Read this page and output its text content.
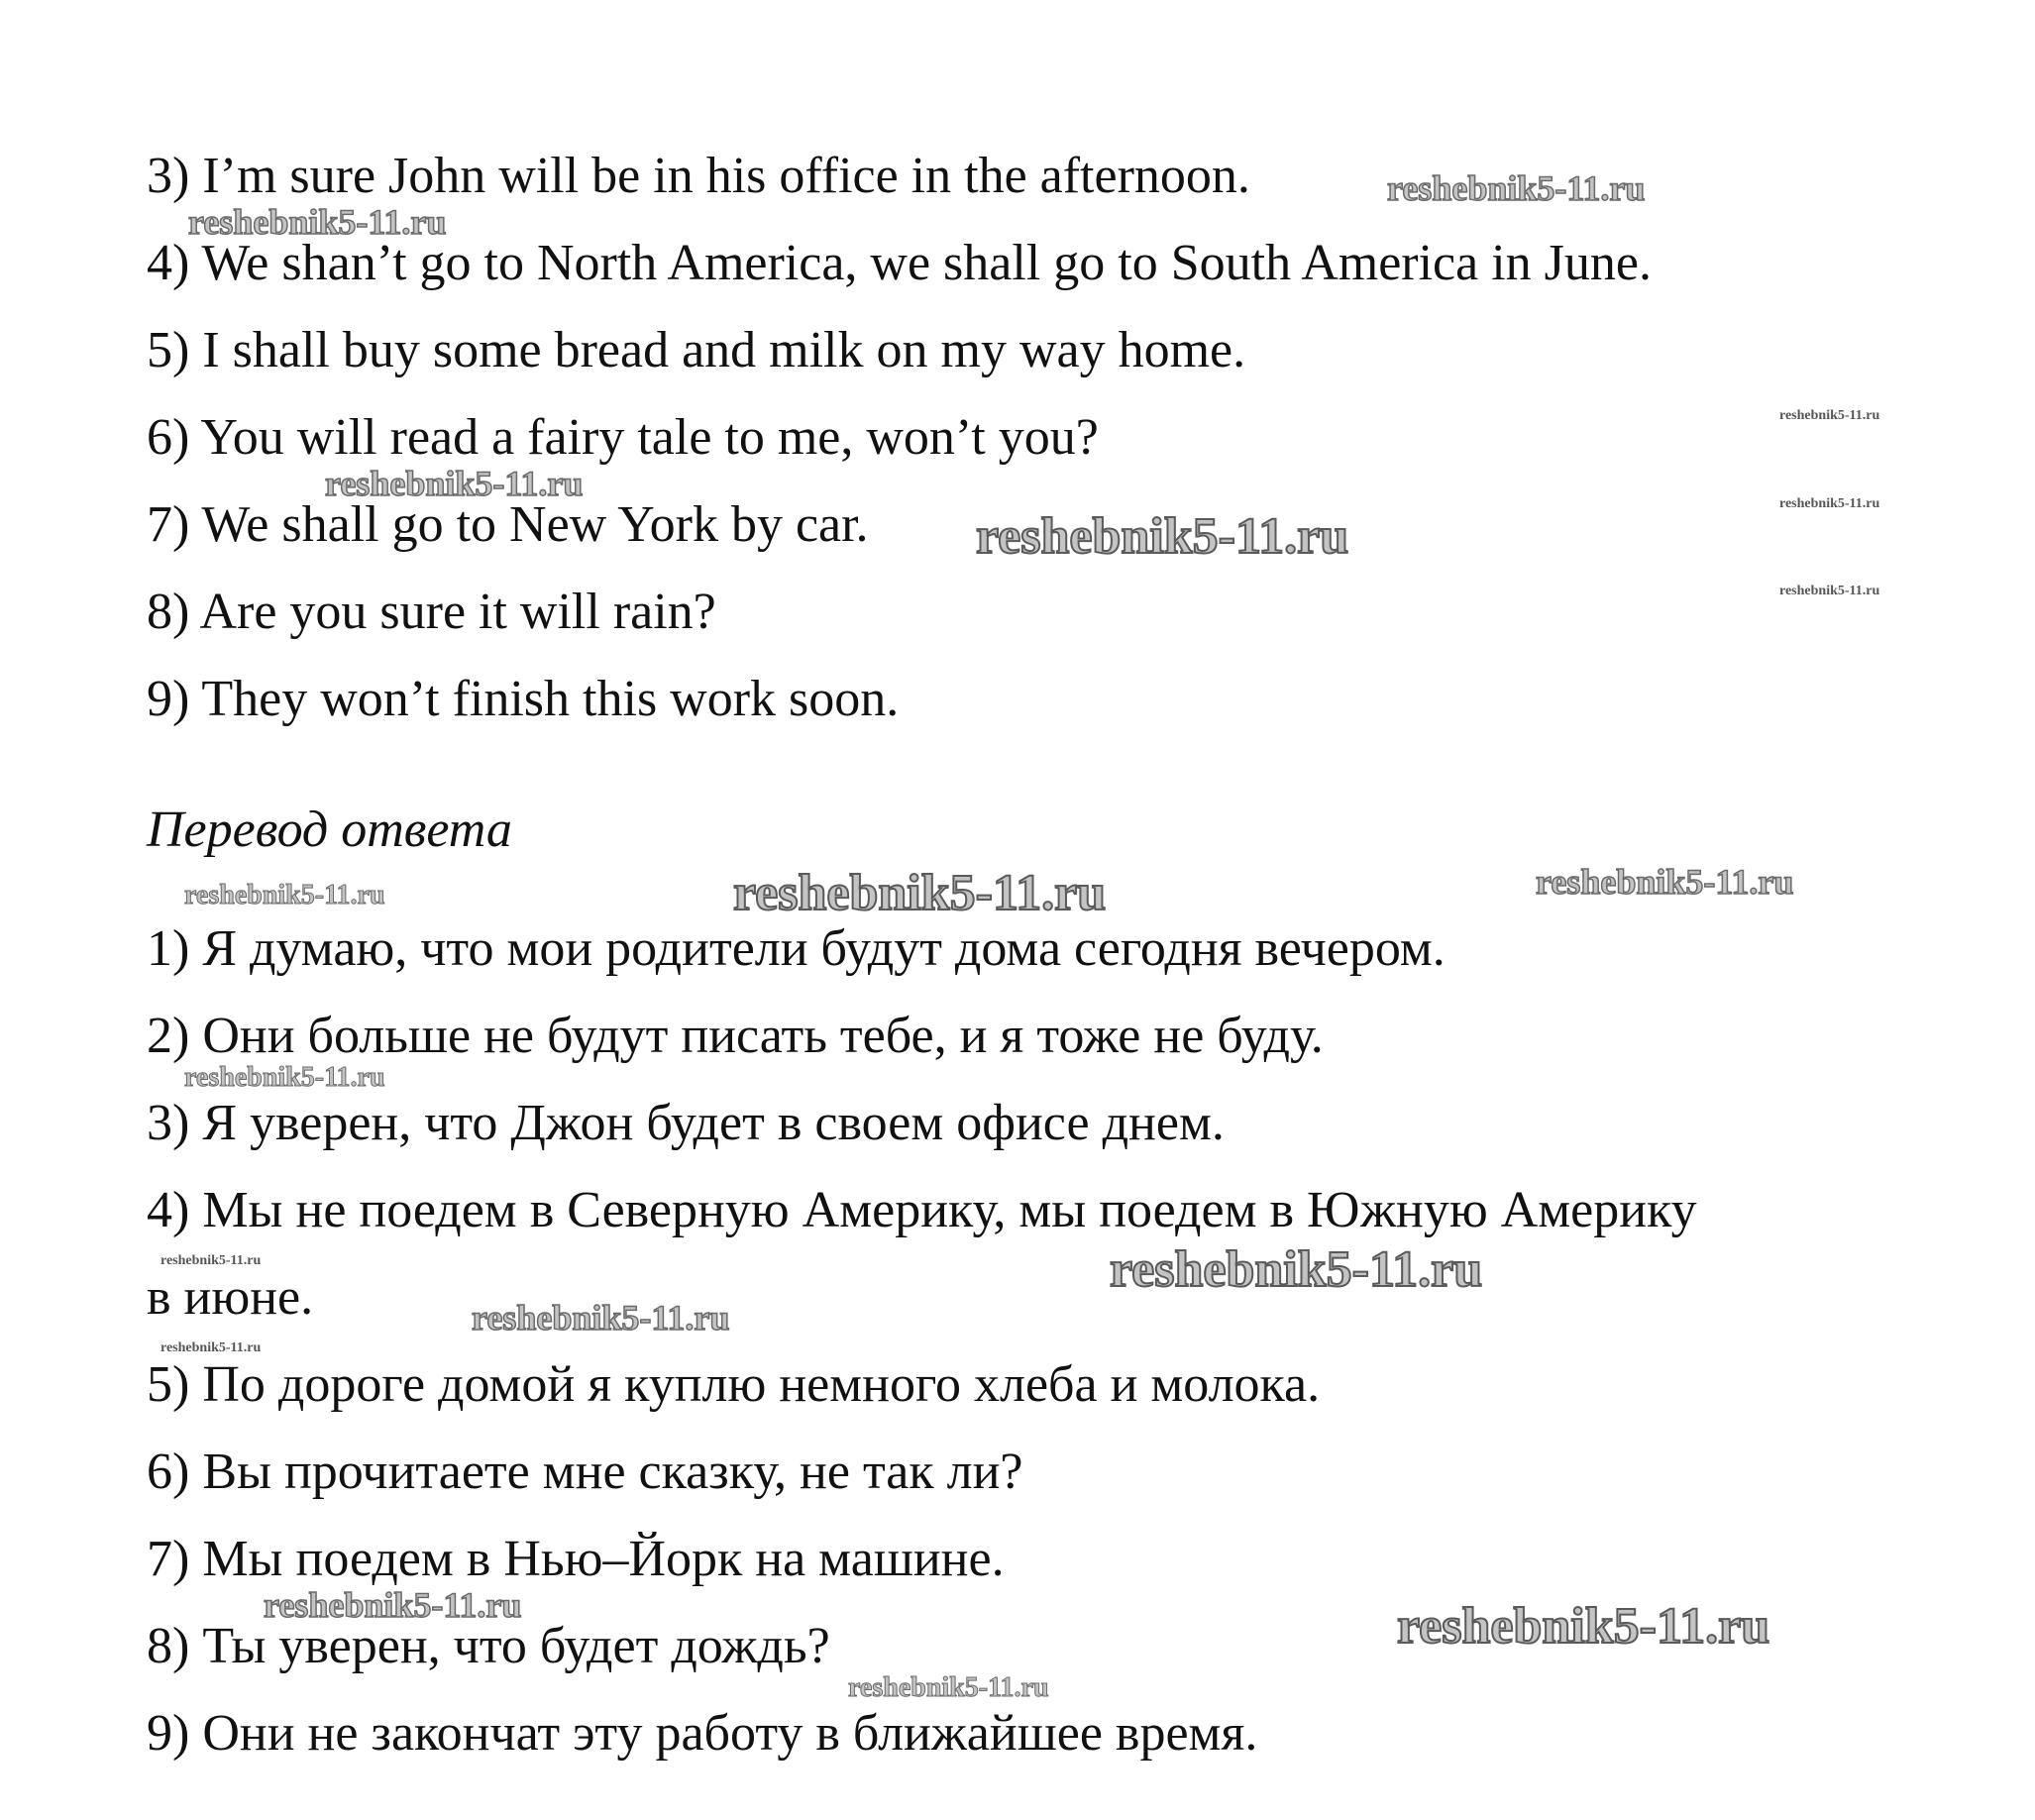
3) I’m sure John will be in his office in the afternoon.
4) We shan’t go to North America, we shall go to South America in June.
5) I shall buy some bread and milk on my way home.
6) You will read a fairy tale to me, won’t you?
7) We shall go to New York by car.
8) Are you sure it will rain?
9) They won’t finish this work soon.
Перевод ответа
1) Я думаю, что мои родители будут дома сегодня вечером.
2) Они больше не будут писать тебе, и я тоже не буду.
3) Я уверен, что Джон будет в своем офисе днем.
4) Мы не поедем в Северную Америку, мы поедем в Южную Америку
в июне.
5) По дороге домой я куплю немного хлеба и молока.
6) Вы прочитаете мне сказку, не так ли?
7) Мы поедем в Нью–Йорк на машине.
8) Ты уверен, что будет дождь?
9) Они не закончат эту работу в ближайшее время.
reshebnik5-11.ru
reshebnik5-11.ru
reshebnik5-11.ru
reshebnik5-11.ru
reshebnik5-11.ru
reshebnik5-11.ru
reshebnik5-11.ru
reshebnik5-11.ru	reshebnik5-11.ru
reshebnik5-11.ru
reshebnik5-11.ru
reshebnik5-11.ru	reshebnik5-11.ru
reshebnik5-11.ru
reshebnik5-11.ru
reshebnik5-11.ru	reshebnik5-11.ru
reshebnik5-11.ru
